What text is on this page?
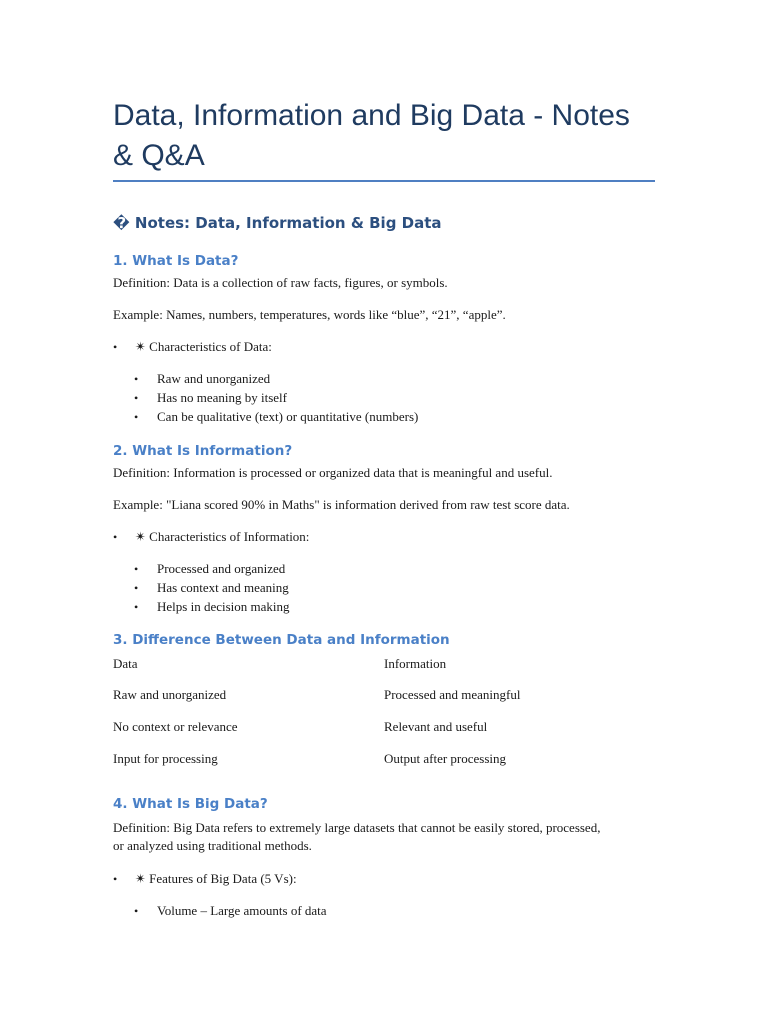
Data, Information and Big Data - Notes & Q&A
� Notes: Data, Information & Big Data
1. What Is Data?

Definition: Data is a collection of raw facts, figures, or symbols.

Example: Names, numbers, temperatures, words like “blue”, “21”, “apple”.

• ✴ Characteristics of Data:
• Raw and unorganized
• Has no meaning by itself
• Can be qualitative (text) or quantitative (numbers)
2. What Is Information?

Definition: Information is processed or organized data that is meaningful and useful.

Example: "Liana scored 90% in Maths" is information derived from raw test score data.

• ✴ Characteristics of Information:
• Processed and organized
• Has context and meaning
• Helps in decision making
3. Difference Between Data and Information
Data	Information
Raw and unorganized	Processed and meaningful
No context or relevance	Relevant and useful
Input for processing	Output after processing
4. What Is Big Data?

Definition: Big Data refers to extremely large datasets that cannot be easily stored, processed, or analyzed using traditional methods.

• ✴ Features of Big Data (5 Vs):
• Volume – Large amounts of data
